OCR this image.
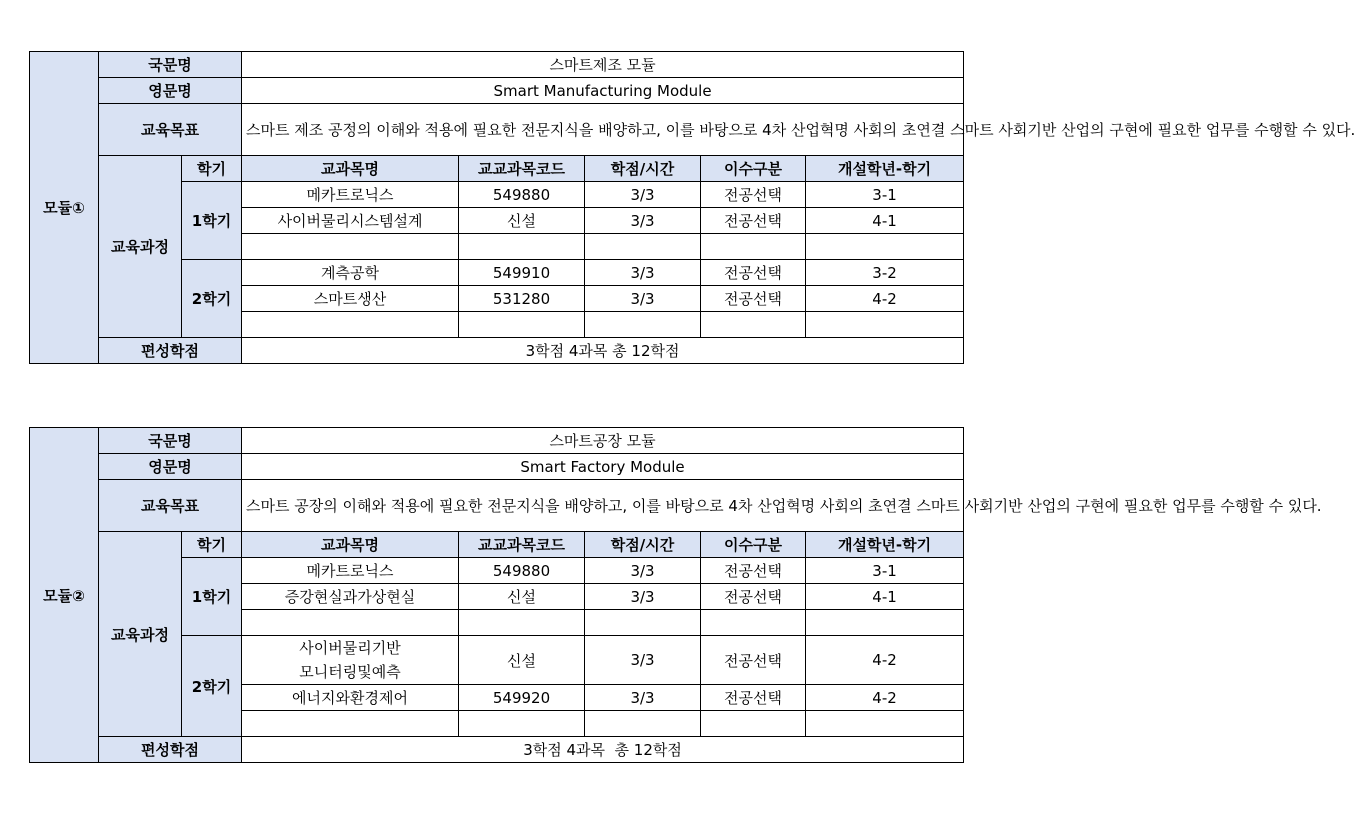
모듈①	국문명		스마트제조 모듈				
	영문명		Smart Manufacturing Module				
	교육목표		스마트 제조 공정의 이해와 적용에 필요한 전문지식을 배양하고, 이를 바탕으로 4차 산업혁명 사회의 초연결 스마트 사회기반 산업의 구현에 필요한 업무를 수행할 수 있다.				
	교육과정	학기	교과목명	교교과목코드	학점/시간	이수구분	개설학년-학기
		1학기	메카트로닉스	549880	3/3	전공선택	3-1
			사이버물리시스템설계	신설	3/3	전공선택	4-1

		2학기	계측공학	549910	3/3	전공선택	3-2
			스마트생산	531280	3/3	전공선택	4-2

	편성학점		3학점 4과목 총 12학점				
모듈②	국문명		스마트공장 모듈				
	영문명		Smart Factory Module				
	교육목표		스마트 공장의 이해와 적용에 필요한 전문지식을 배양하고, 이를 바탕으로 4차 산업혁명 사회의 초연결 스마트 사회기반 산업의 구현에 필요한 업무를 수행할 수 있다.				
	교육과정	학기	교과목명	교교과목코드	학점/시간	이수구분	개설학년-학기
		1학기	메카트로닉스	549880	3/3	전공선택	3-1
			증강현실과가상현실	신설	3/3	전공선택	4-1

		2학기	사이버물리기반
모니터링및예측	신설	3/3	전공선택	4-2
			에너지와환경제어	549920	3/3	전공선택	4-2

	편성학점		3학점 4과목  총 12학점				
